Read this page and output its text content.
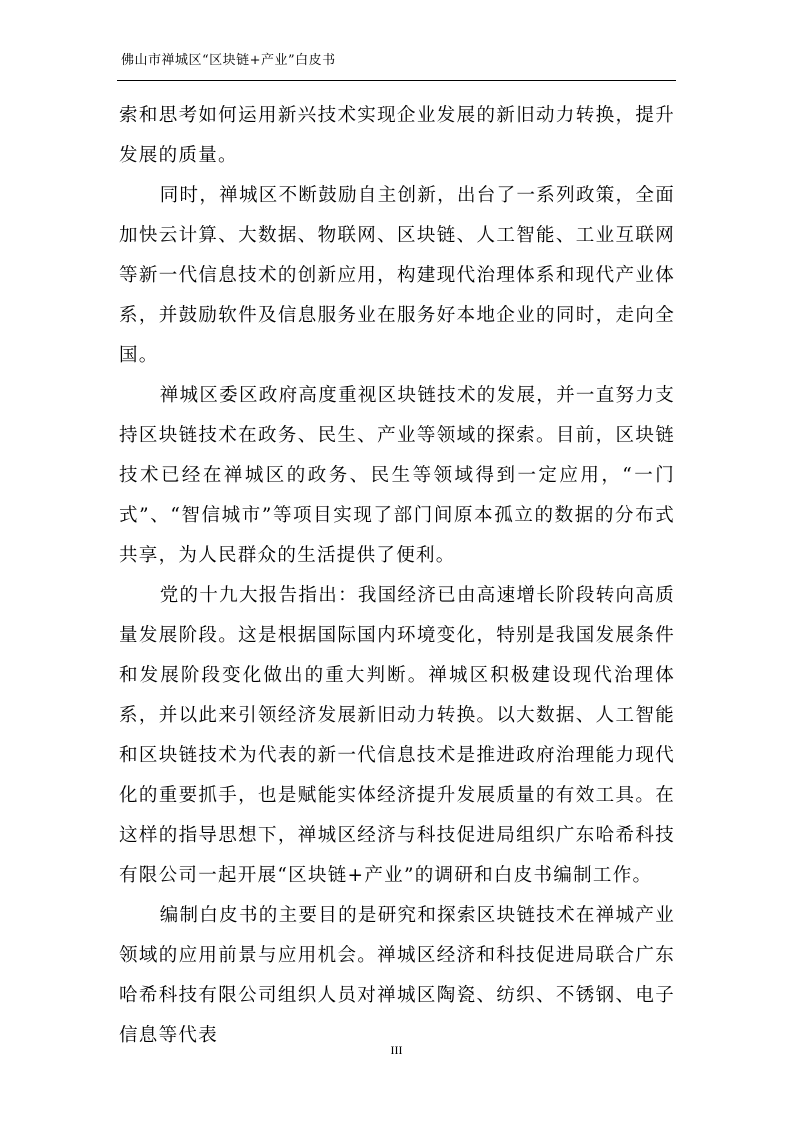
佛山市禅城区“区块链+产业”白皮书

索和思考如何运用新兴技术实现企业发展的新旧动力转换，提升发展的质量。

同时，禅城区不断鼓励自主创新，出台了一系列政策，全面加快云计算、大数据、物联网、区块链、人工智能、工业互联网等新一代信息技术的创新应用，构建现代治理体系和现代产业体系，并鼓励软件及信息服务业在服务好本地企业的同时，走向全国。

禅城区委区政府高度重视区块链技术的发展，并一直努力支持区块链技术在政务、民生、产业等领域的探索。目前，区块链技术已经在禅城区的政务、民生等领域得到一定应用，“一门式”、“智信城市”等项目实现了部门间原本孤立的数据的分布式共享，为人民群众的生活提供了便利。

党的十九大报告指出：我国经济已由高速增长阶段转向高质量发展阶段。这是根据国际国内环境变化，特别是我国发展条件和发展阶段变化做出的重大判断。禅城区积极建设现代治理体系，并以此来引领经济发展新旧动力转换。以大数据、人工智能和区块链技术为代表的新一代信息技术是推进政府治理能力现代化的重要抓手，也是赋能实体经济提升发展质量的有效工具。在这样的指导思想下，禅城区经济与科技促进局组织广东哈希科技有限公司一起开展“区块链+产业”的调研和白皮书编制工作。

编制白皮书的主要目的是研究和探索区块链技术在禅城产业领域的应用前景与应用机会。禅城区经济和科技促进局联合广东哈希科技有限公司组织人员对禅城区陶瓷、纺织、不锈钢、电子信息等代表

III
